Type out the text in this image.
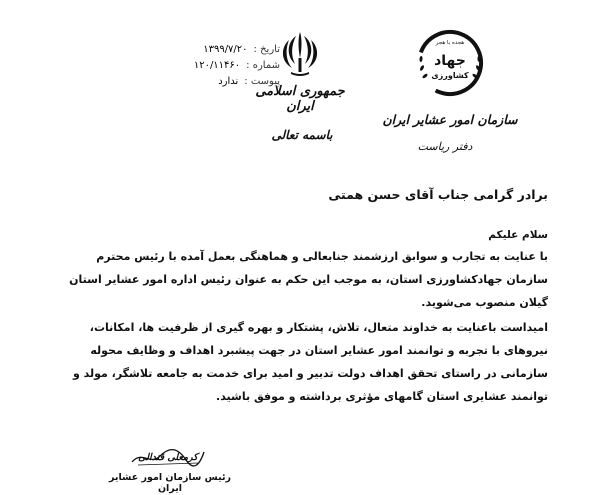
تاریخ :
۱۳۹۹/۷/۲۰
شماره :
۱۲۰/۱۱۴۶۰
پیوست :
ندارد
جمهوری اسلامی ایران
باسمه تعالی
هجده با هجر
جهاد
کشاورزی
سازمان امور عشایر ایران
دفتر ریاست
برادر گرامی جناب آقای حسن همتی
سلام علیکم

با عنایت به تجارب و سوابق ارزشمند جنابعالی و هماهنگی بعمل آمده با رئیس محترم سازمان جهادکشاورزی استان، به موجب این حکم به عنوان رئیس اداره امور عشایر استان گیلان منصوب می‌شوید.

امیداست باعنایت به خداوند متعال، تلاش، پشتکار و بهره گیری از ظرفیت ها، امکانات، نیروهای با تجربه و توانمند امور عشایر استان در جهت پیشبرد اهداف و وظایف محوله سازمانی در راستای تحقق اهداف دولت تدبیر و امید برای خدمت به جامعه تلاشگر، مولد و توانمند عشایری استان گامهای مؤثری برداشته و موفق باشید.

کرمعلی قندالی
رئیس سازمان امور عشایر ایران
